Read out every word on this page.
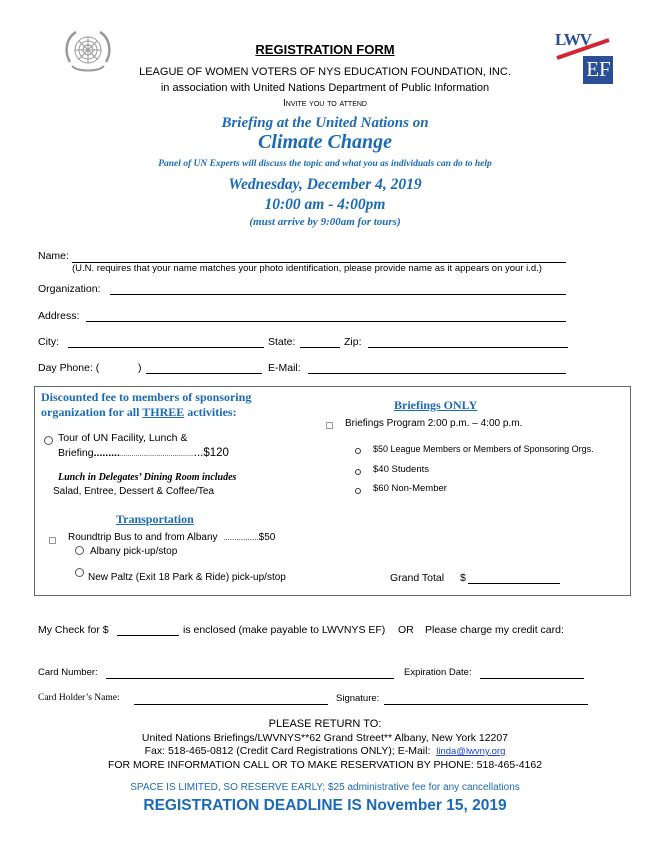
LWV
EF
REGISTRATION FORM
LEAGUE OF WOMEN VOTERS OF NYS EDUCATION FOUNDATION, INC.
in association with United Nations Department of Public Information
Invite you to attend
Briefing at the United Nations on
Climate Change
Panel of UN Experts will discuss the topic and what you as individuals can do to help
Wednesday, December 4, 2019
10:00 am - 4:00pm
(must arrive by 9:00am for tours)
Name:
(U.N. requires that your name matches your photo identification, please provide name as it appears on your i.d.)
Organization:
Address:
City:	State:	Zip:
Day Phone: (	)	E-Mail:
Discounted fee to members of sponsoring
organization for all THREE activities:
Tour of UN Facility, Lunch &
Briefing..................................................$120
Lunch in Delegates’ Dining Room includes
Salad, Entree, Dessert & Coffee/Tea
Transportation
Roundtrip Bus to and from Albany ................$50
Albany pick-up/stop
New Paltz (Exit 18 Park & Ride) pick-up/stop
Briefings ONLY
Briefings Program 2:00 p.m. – 4:00 p.m.
$50 League Members or Members of Sponsoring Orgs.
$40 Students
$60 Non-Member
Grand Total $
My Check for $	is enclosed (make payable to LWVNYS EF) OR Please charge my credit card:
Card Number:	Expiration Date:
Card Holder’s Name:	Signature:
PLEASE RETURN TO:
United Nations Briefings/LWVNYS**62 Grand Street** Albany, New York 12207
Fax: 518-465-0812 (Credit Card Registrations ONLY); E-Mail: linda@lwvny.org
FOR MORE INFORMATION CALL OR TO MAKE RESERVATION BY PHONE: 518-465-4162
SPACE IS LIMITED, SO RESERVE EARLY; $25 administrative fee for any cancellations
REGISTRATION DEADLINE IS November 15, 2019
